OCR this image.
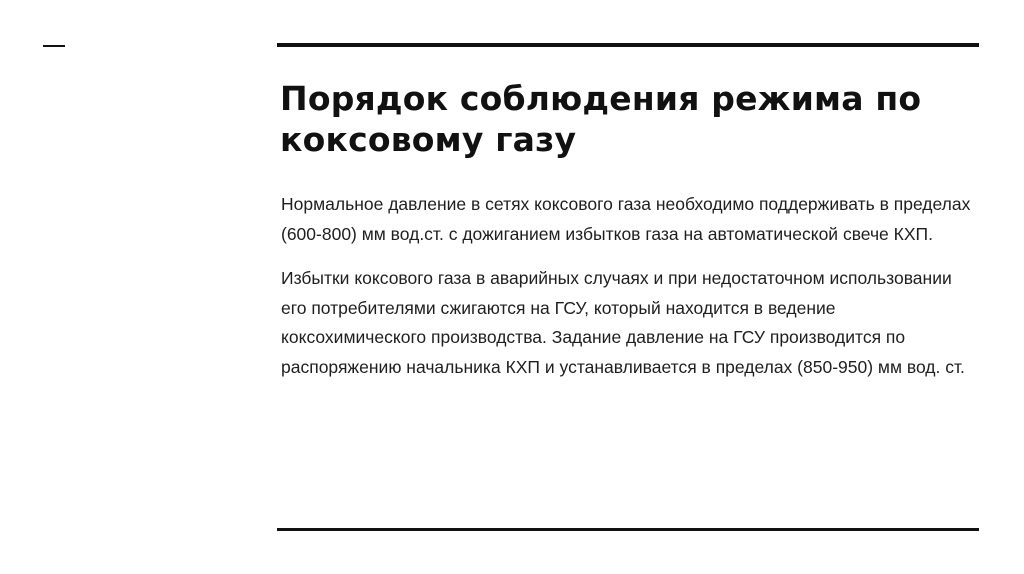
Порядок соблюдения режима по коксовому газу

Нормальное давление в сетях коксового газа необходимо поддерживать в пределах (600-800) мм вод.ст. с дожиганием избытков газа на автоматической свече КХП.

Избытки коксового газа в аварийных случаях и при недостаточном использовании его потребителями сжигаются на ГСУ, который находится в ведение коксохимического производства. Задание давление на ГСУ производится по распоряжению начальника КХП и устанавливается в пределах (850-950) мм вод. ст.
